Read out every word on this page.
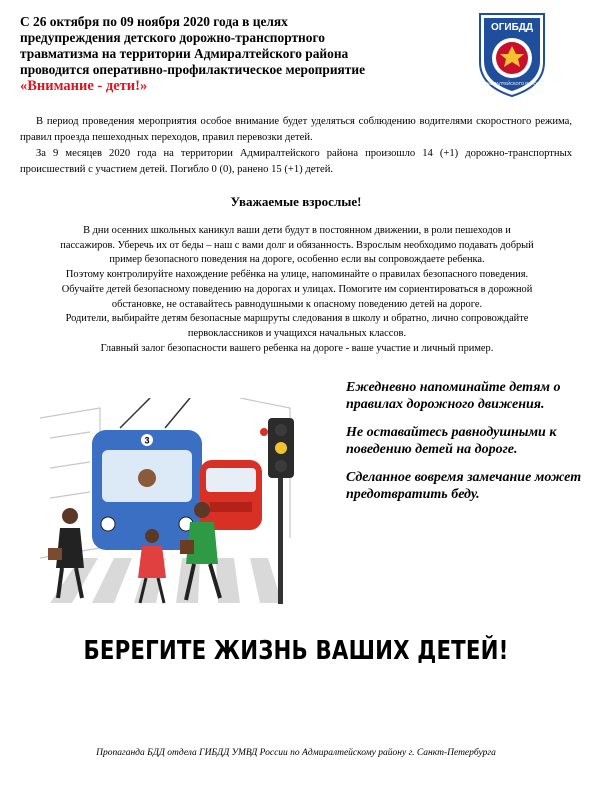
С 26 октября по 09 ноября 2020 года в целях
предупреждения детского дорожно-транспортного
травматизма на территории Адмиралтейского района
проводится оперативно-профилактическое мероприятие
«Внимание - дети!»
ОГИБДД
АДМИРАЛТЕЙСКОГО РАЙОНА
В период проведения мероприятия особое внимание будет уделяться соблюдению водителями скоростного режима, правил проезда пешеходных переходов, правил перевозки детей.
За 9 месяцев 2020 года на территории Адмиралтейского района произошло 14 (+1) дорожно-транспортных происшествий с участием детей. Погибло 0 (0), ранено 15 (+1) детей.
Уважаемые взрослые!
В дни осенних школьных каникул ваши дети будут в постоянном движении, в роли пешеходов и
пассажиров. Уберечь их от беды – наш с вами долг и обязанность. Взрослым необходимо подавать добрый
пример безопасного поведения на дороге, особенно если вы сопровождаете ребенка.
Поэтому контролируйте нахождение ребёнка на улице, напоминайте о правилах безопасного поведения.
Обучайте детей безопасному поведению на дорогах и улицах. Помогите им сориентироваться в дорожной
обстановке, не оставайтесь равнодушными к опасному поведению детей на дороге.
Родители, выбирайте детям безопасные маршруты следования в школу и обратно, лично сопровождайте
первоклассников и учащихся начальных классов.
Главный залог безопасности вашего ребенка на дороге - ваше участие и личный пример.
3
Ежедневно напоминайте детям о правилах дорожного движения.
Не оставайтесь равнодушными к поведению детей на дороге.
Сделанное вовремя замечание может предотвратить беду.
БЕРЕГИТЕ ЖИЗНЬ ВАШИХ ДЕТЕЙ!
Пропаганда БДД отдела ГИБДД УМВД России по Адмиралтейскому району г. Санкт-Петербурга
